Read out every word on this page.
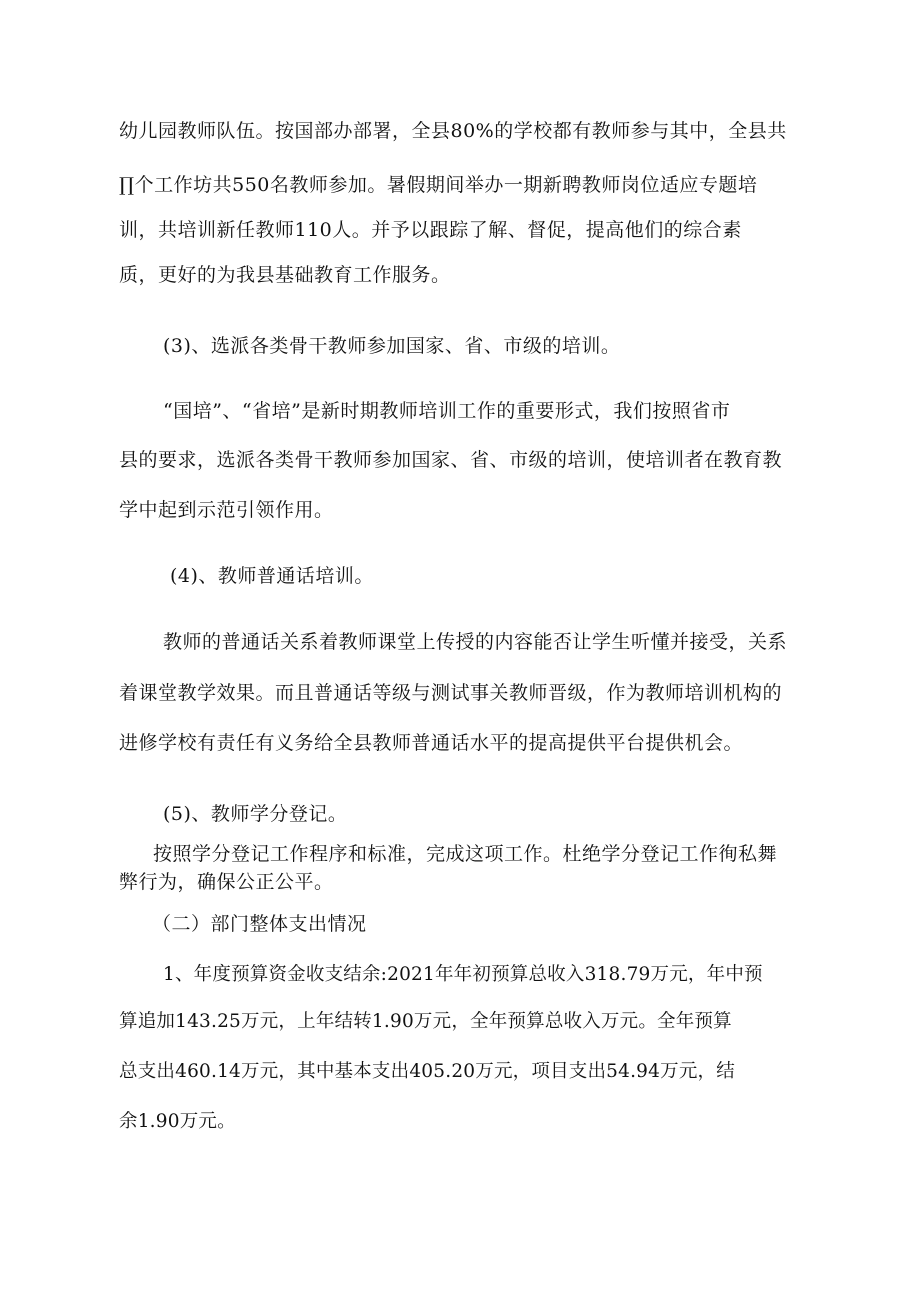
幼儿园教师队伍。按国部办部署，全县80%的学校都有教师参与其中，全县共
∏个工作坊共550名教师参加。暑假期间举办一期新聘教师岗位适应专题培
训，共培训新任教师110人。并予以跟踪了解、督促，提高他们的综合素
质，更好的为我县基础教育工作服务。
(3)、选派各类骨干教师参加国家、省、市级的培训。
“国培”、“省培”是新时期教师培训工作的重要形式，我们按照省市
县的要求，选派各类骨干教师参加国家、省、市级的培训，使培训者在教育教
学中起到示范引领作用。
(4)、教师普通话培训。
教师的普通话关系着教师课堂上传授的内容能否让学生听懂并接受，关系
着课堂教学效果。而且普通话等级与测试事关教师晋级，作为教师培训机构的
进修学校有责任有义务给全县教师普通话水平的提高提供平台提供机会。
(5)、教师学分登记。
按照学分登记工作程序和标准，完成这项工作。杜绝学分登记工作徇私舞
弊行为，确保公正公平。
（二）部门整体支出情况
1、年度预算资金收支结余:2021年年初预算总收入318.79万元，年中预
算追加143.25万元，上年结转1.90万元，全年预算总收入万元。全年预算
总支出460.14万元，其中基本支出405.20万元，项目支出54.94万元，结
余1.90万元。
